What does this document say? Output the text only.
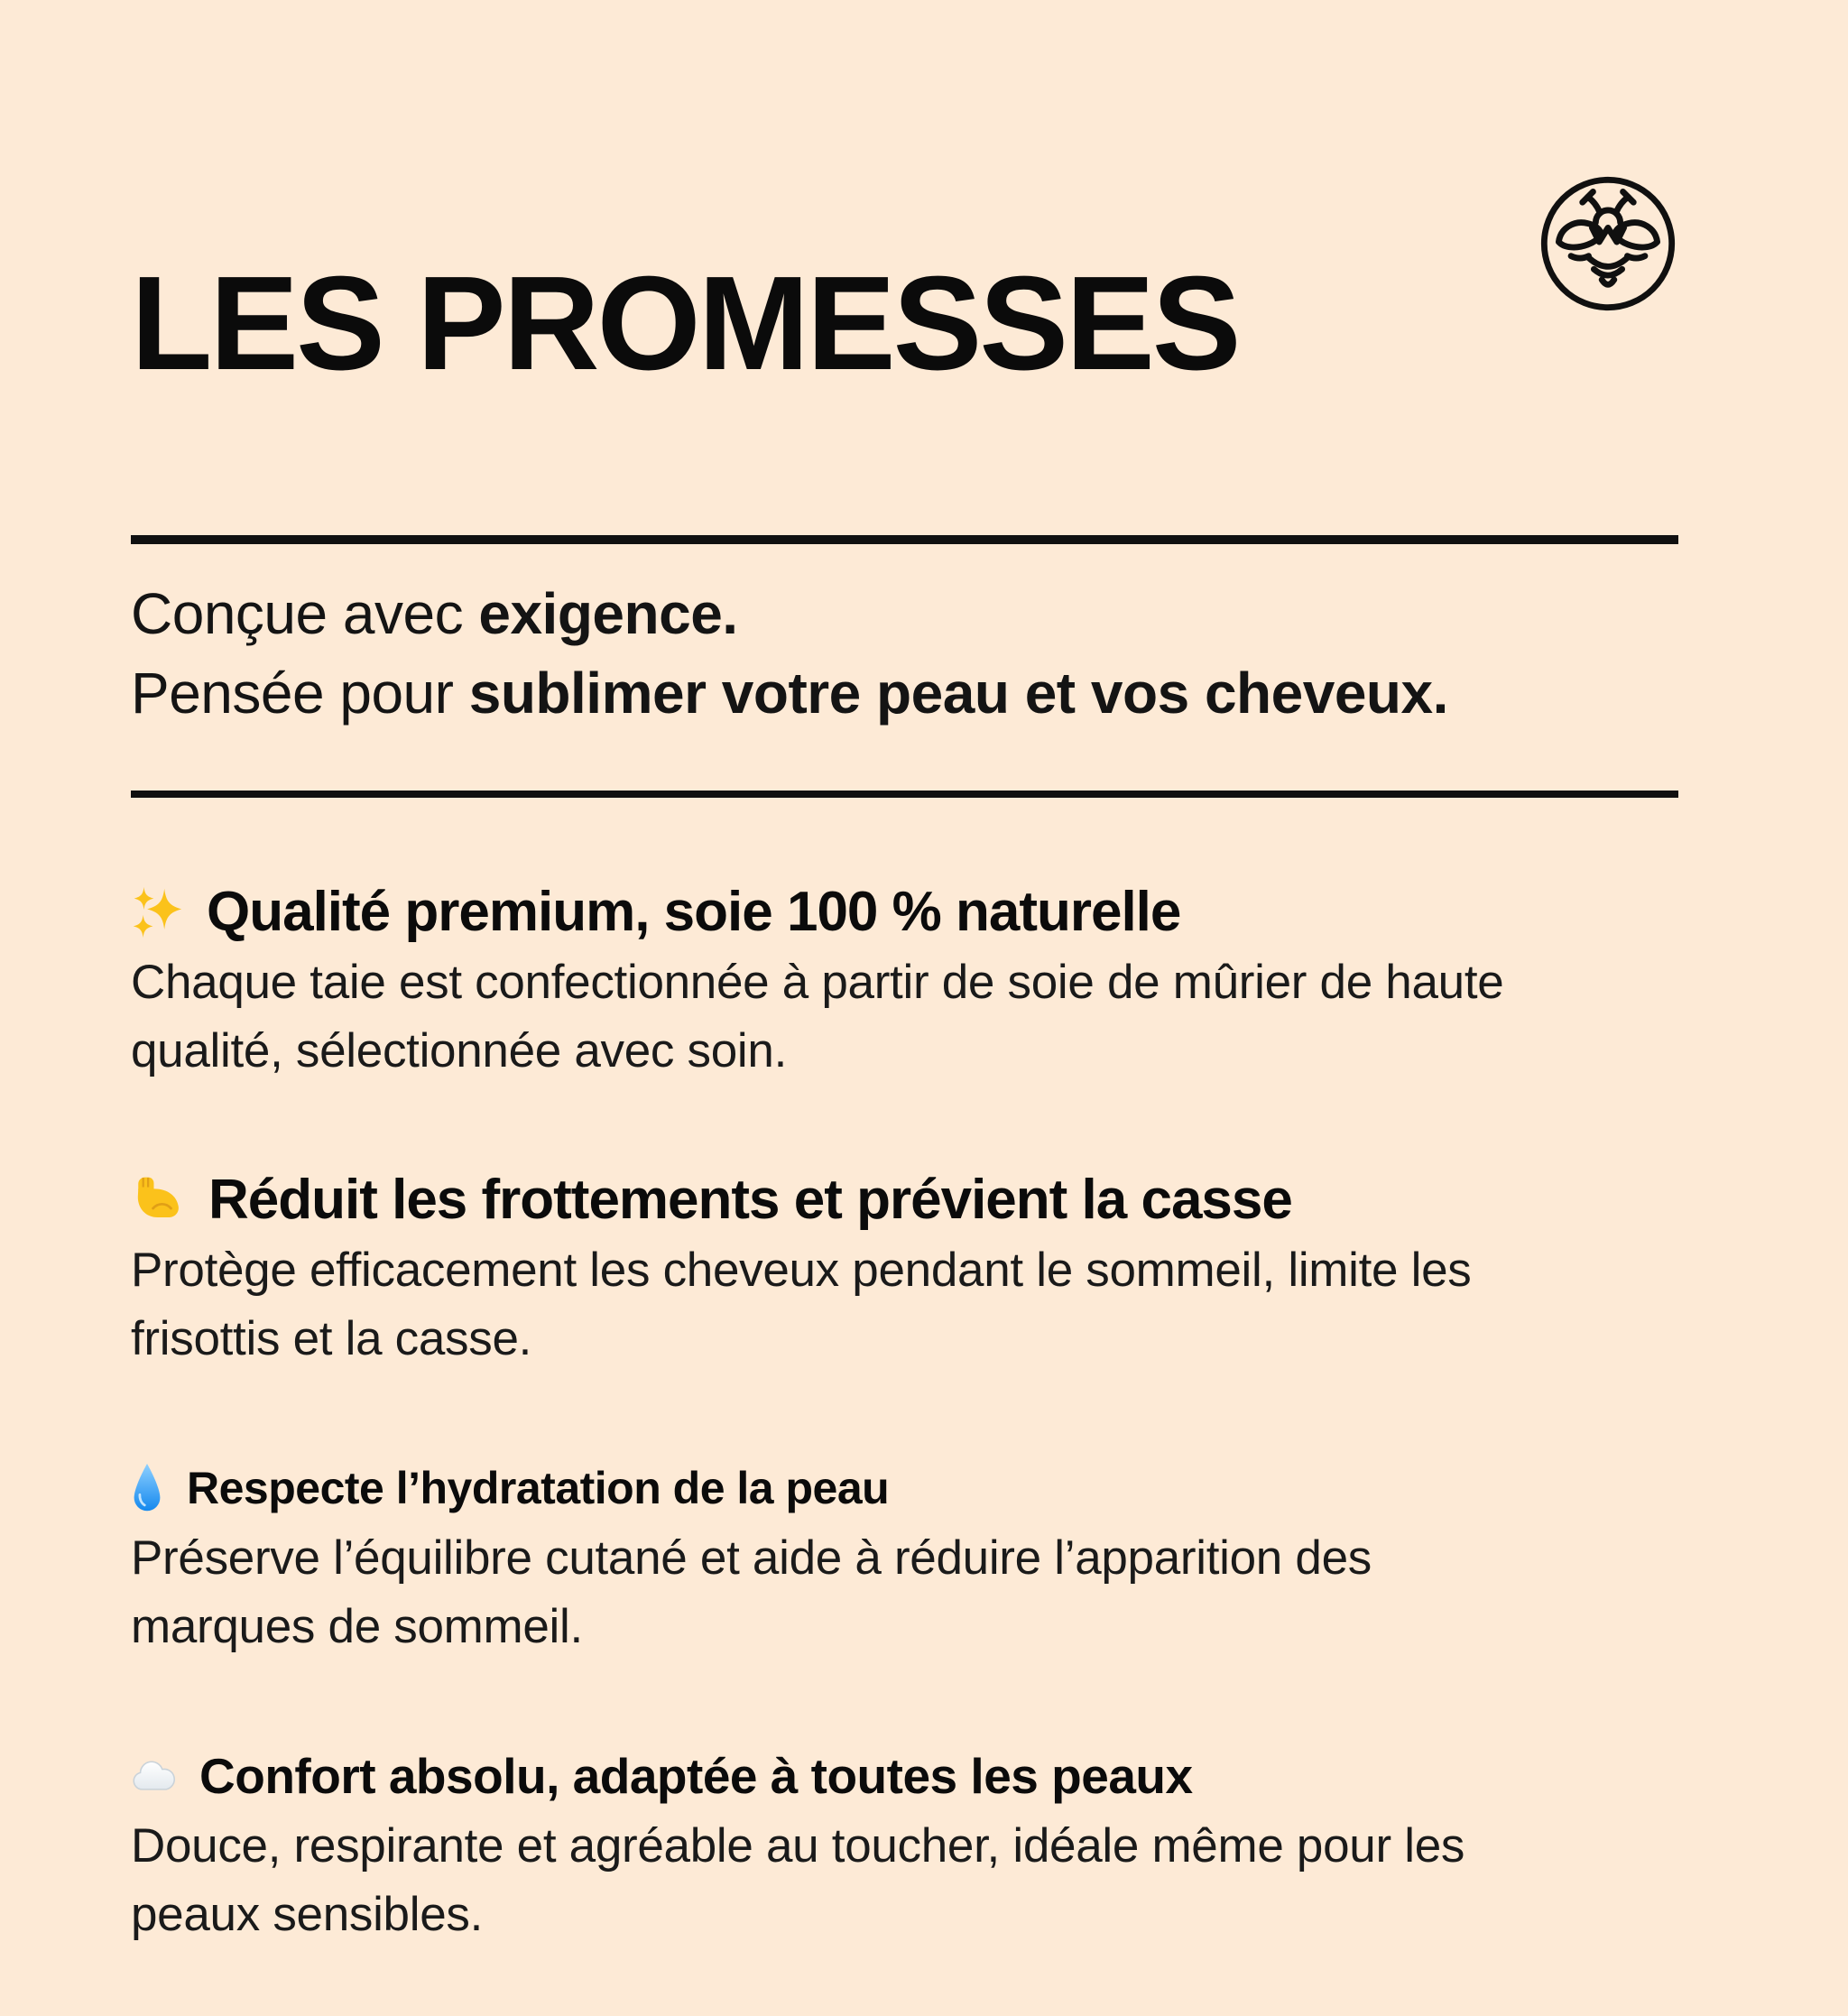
LES PROMESSES

Conçue avec exigence.
Pensée pour sublimer votre peau et vos cheveux.

Qualité premium, soie 100 % naturelle

Chaque taie est confectionnée à partir de soie de mûrier de haute
qualité, sélectionnée avec soin.

Réduit les frottements et prévient la casse

Protège efficacement les cheveux pendant le sommeil, limite les
frisottis et la casse.

Respecte l’hydratation de la peau

Préserve l’équilibre cutané et aide à réduire l’apparition des
marques de sommeil.

Confort absolu, adaptée à toutes les peaux

Douce, respirante et agréable au toucher, idéale même pour les
peaux sensibles.
